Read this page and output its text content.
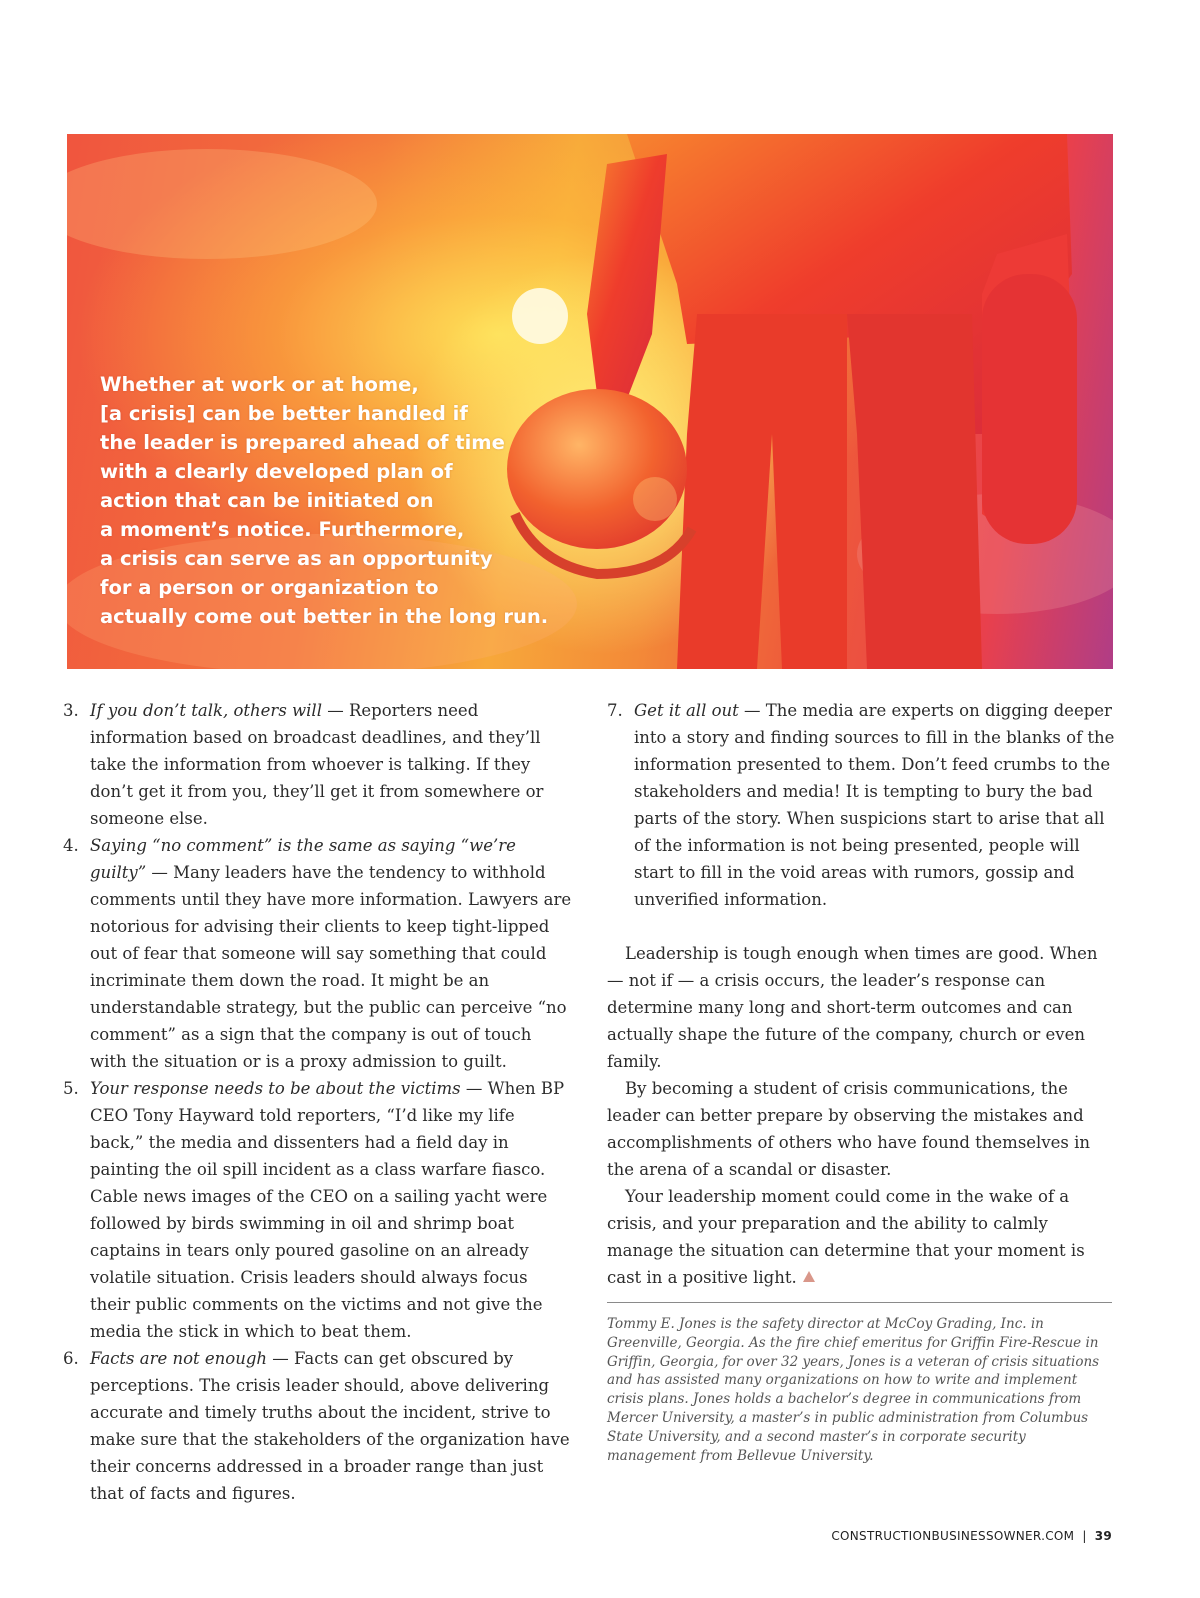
Whether at work or at home,
[a crisis] can be better handled if
the leader is prepared ahead of time
with a clearly developed plan of
action that can be initiated on
a moment’s notice. Furthermore,
a crisis can serve as an opportunity
for a person or organization to
actually come out better in the long run.
3. If you don’t talk, others will — Reporters need information based on broadcast deadlines, and they’ll take the information from whoever is talking. If they don’t get it from you, they’ll get it from somewhere or someone else.
4. Saying “no comment” is the same as saying “we’re guilty” — Many leaders have the tendency to withhold comments until they have more information. Lawyers are notorious for advising their clients to keep tight-lipped out of fear that someone will say something that could incriminate them down the road. It might be an understandable strategy, but the public can perceive “no comment” as a sign that the company is out of touch with the situation or is a proxy admission to guilt.
5. Your response needs to be about the victims — When BP CEO Tony Hayward told reporters, “I’d like my life back,” the media and dissenters had a field day in painting the oil spill incident as a class warfare fiasco. Cable news images of the CEO on a sailing yacht were followed by birds swimming in oil and shrimp boat captains in tears only poured gasoline on an already volatile situation. Crisis leaders should always focus their public comments on the victims and not give the media the stick in which to beat them.
6. Facts are not enough — Facts can get obscured by perceptions. The crisis leader should, above delivering accurate and timely truths about the incident, strive to make sure that the stakeholders of the organization have their concerns addressed in a broader range than just that of facts and figures.
7. Get it all out — The media are experts on digging deeper into a story and finding sources to fill in the blanks of the information presented to them. Don’t feed crumbs to the stakeholders and media! It is tempting to bury the bad parts of the story. When suspicions start to arise that all of the information is not being presented, people will start to fill in the void areas with rumors, gossip and unverified information.

Leadership is tough enough when times are good. When — not if — a crisis occurs, the leader’s response can determine many long and short-term outcomes and can actually shape the future of the company, church or even family.

By becoming a student of crisis communications, the leader can better prepare by observing the mistakes and accomplishments of others who have found themselves in the arena of a scandal or disaster.

Your leadership moment could come in the wake of a crisis, and your preparation and the ability to calmly manage the situation can determine that your moment is cast in a positive light.

Tommy E. Jones is the safety director at McCoy Grading, Inc. in Greenville, Georgia. As the fire chief emeritus for Griffin Fire-Rescue in Griffin, Georgia, for over 32 years, Jones is a veteran of crisis situations and has assisted many organizations on how to write and implement crisis plans. Jones holds a bachelor’s degree in communications from Mercer University, a master’s in public administration from Columbus State University, and a second master’s in corporate security management from Bellevue University.

CONSTRUCTIONBUSINESSOWNER.COM | 39
